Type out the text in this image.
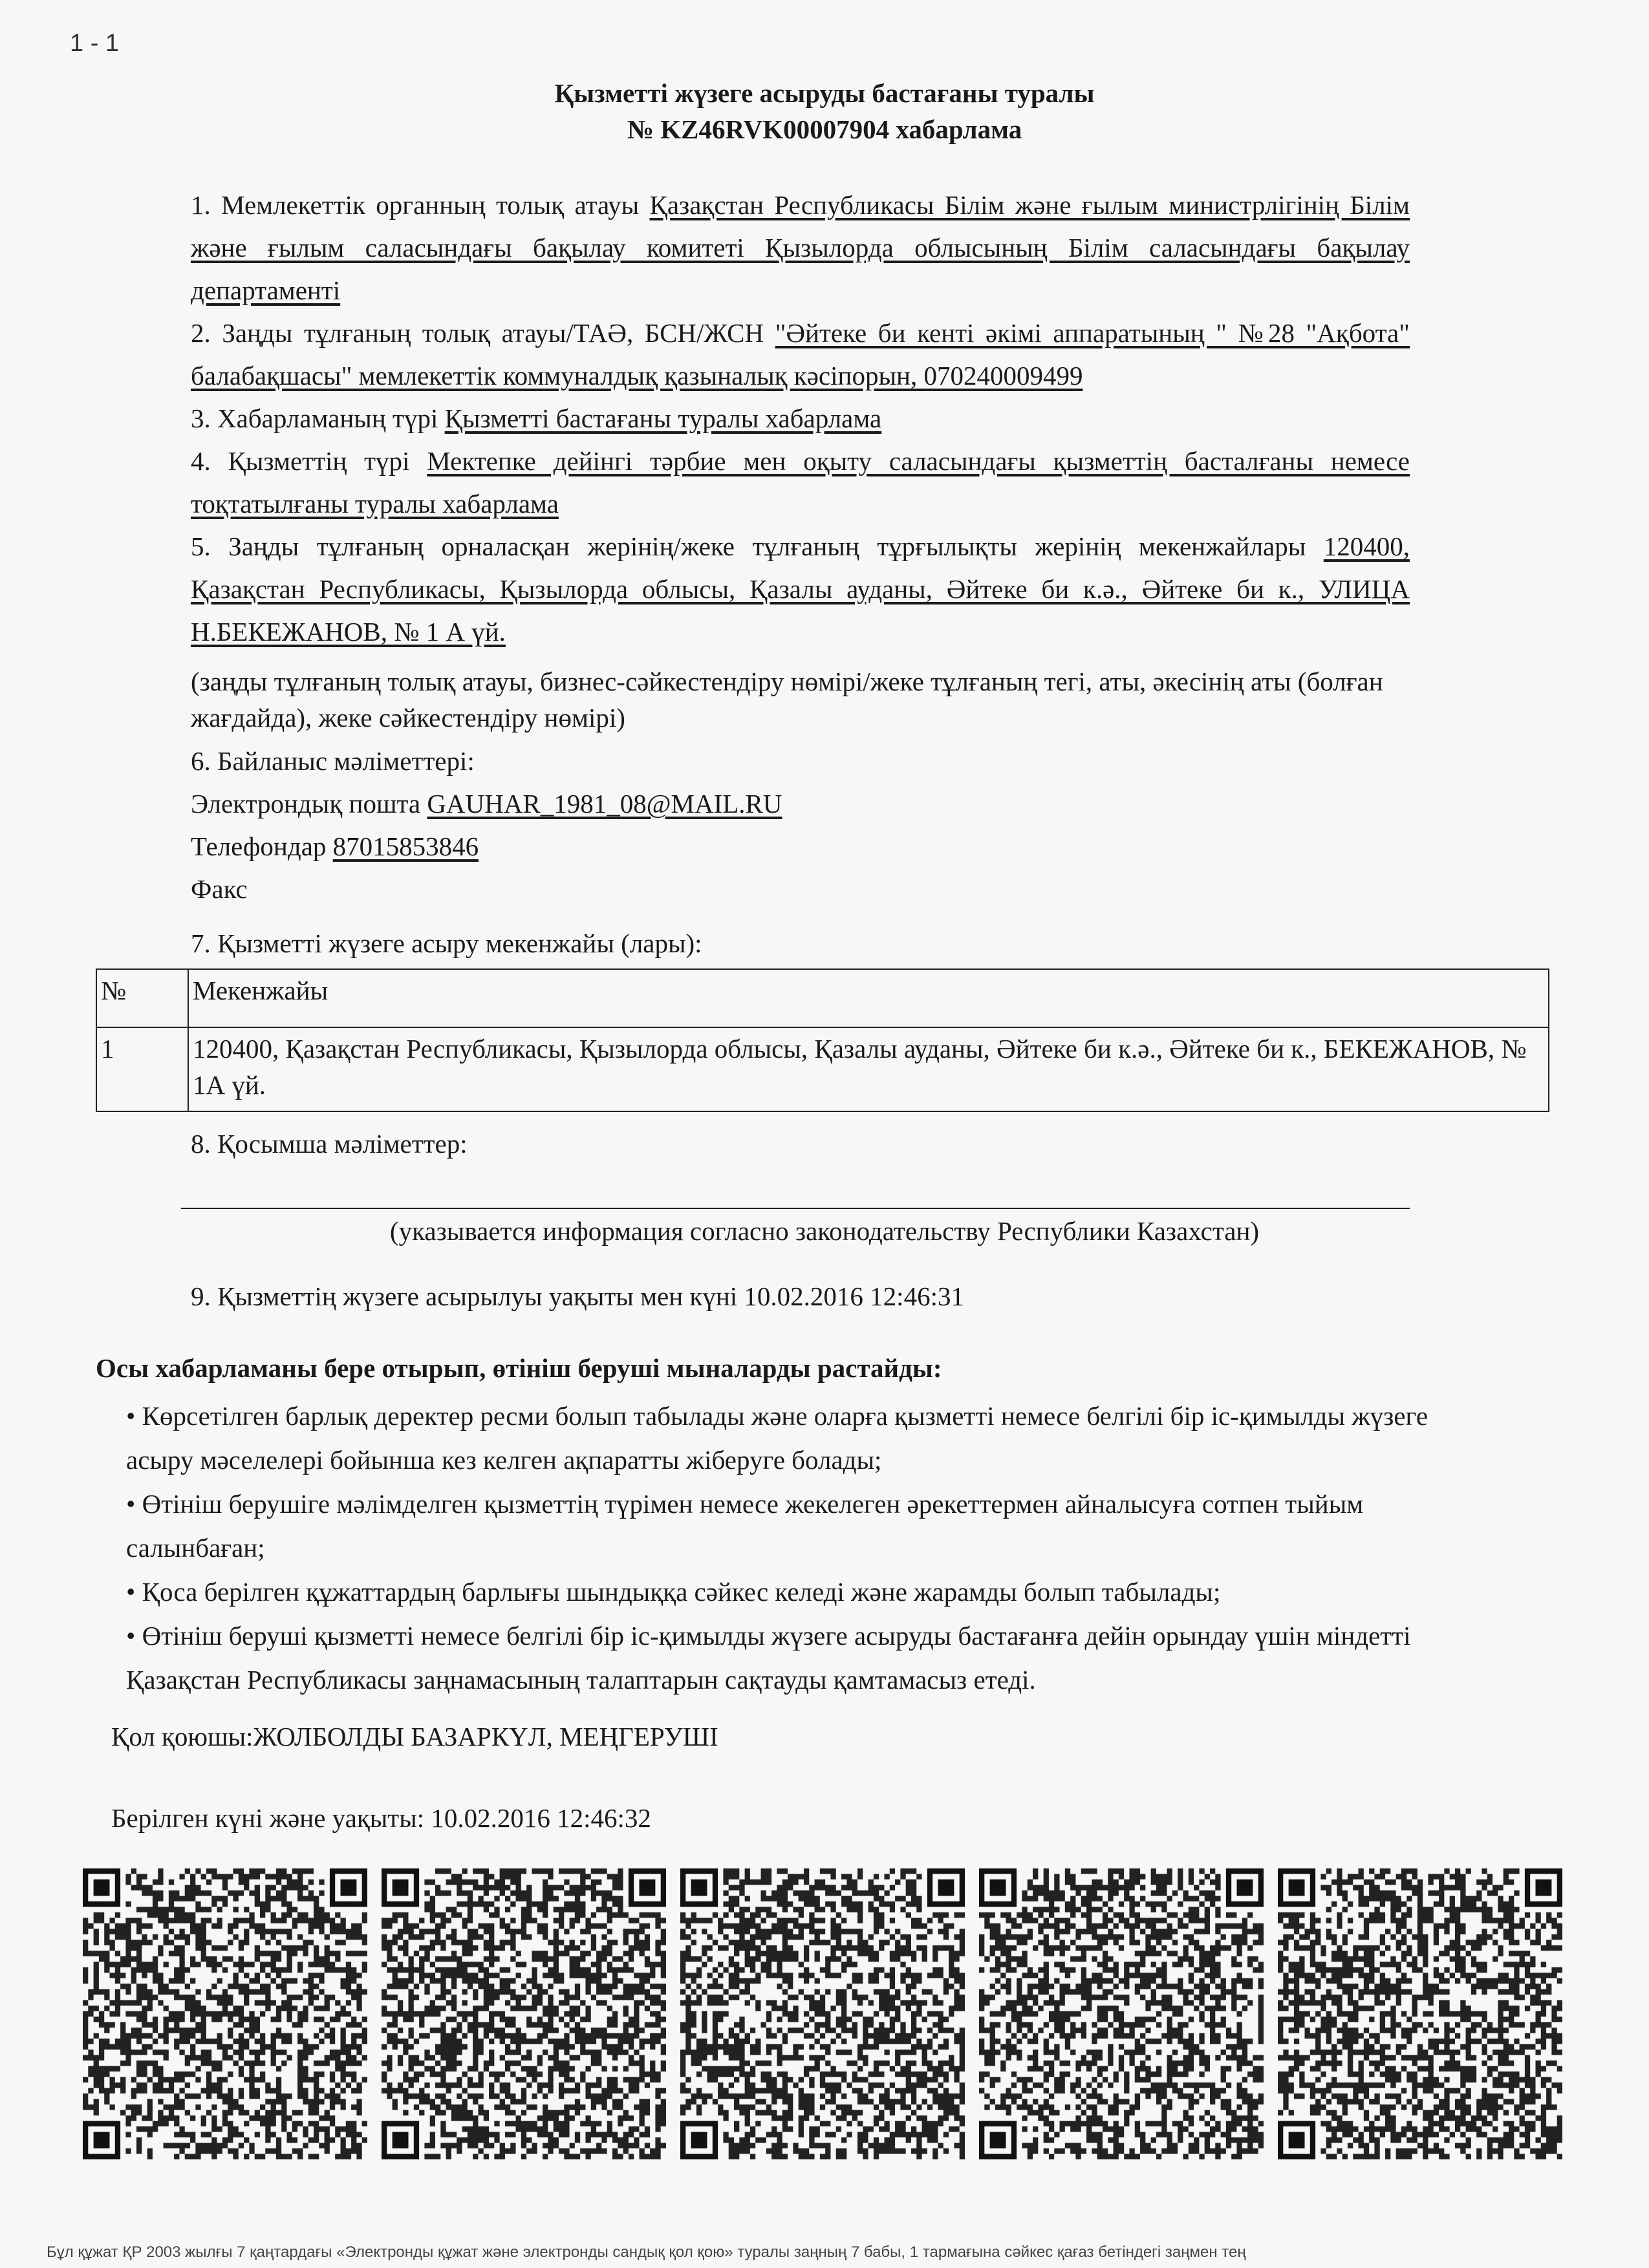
1 - 1
Қызметті жүзеге асыруды бастағаны туралы
№ KZ46RVK00007904 хабарлама
1. Мемлекеттік органның толық атауы Қазақстан Республикасы Білім және ғылым министрлігінің Білім және ғылым саласындағы бақылау комитеті Қызылорда облысының Білім саласындағы бақылау департаменті
2. Заңды тұлғаның толық атауы/ТАӘ, БСН/ЖСН "Әйтеке би кенті әкімі аппаратының " №28 "Ақбота" балабақшасы" мемлекеттік коммуналдық қазыналық кәсіпорын, 070240009499
3. Хабарламаның түрі Қызметті бастағаны туралы хабарлама
4. Қызметтің түрі Мектепке дейінгі тәрбие мен оқыту саласындағы қызметтің басталғаны немесе тоқтатылғаны туралы хабарлама
5. Заңды тұлғаның орналасқан жерінің/жеке тұлғаның тұрғылықты жерінің мекенжайлары 120400, Қазақстан Республикасы, Қызылорда облысы, Қазалы ауданы, Әйтеке би к.ә., Әйтеке би к., УЛИЦА Н.БЕКЕЖАНОВ, № 1 А үй.
(заңды тұлғаның толық атауы, бизнес-сәйкестендіру нөмірі/жеке тұлғаның тегі, аты, әкесінің аты (болған жағдайда), жеке сәйкестендіру нөмірі)
6. Байланыс мәліметтері:
Электрондық пошта GAUHAR_1981_08@MAIL.RU
Телефондар 87015853846
Факс
7. Қызметті жүзеге асыру мекенжайы (лары):
№	Мекенжайы
1	120400, Қазақстан Республикасы, Қызылорда облысы, Қазалы ауданы, Әйтеке би к.ә., Әйтеке би к., БЕКЕЖАНОВ, № 1А үй.
8. Қосымша мәліметтер:
(указывается информация согласно законодательству Республики Казахстан)
9. Қызметтің жүзеге асырылуы уақыты мен күні 10.02.2016 12:46:31
Осы хабарламаны бере отырып, өтініш беруші мыналарды растайды:
• Көрсетілген барлық деректер ресми болып табылады және оларға қызметті немесе белгілі бір іс-қимылды жүзеге асыру мәселелері бойынша кез келген ақпаратты жіберуге болады;
• Өтініш берушіге мәлімделген қызметтің түрімен немесе жекелеген әрекеттермен айналысуға сотпен тыйым салынбаған;
• Қоса берілген құжаттардың барлығы шындыққа сәйкес келеді және жарамды болып табылады;
• Өтініш беруші қызметті немесе белгілі бір іс-қимылды жүзеге асыруды бастағанға дейін орындау үшін міндетті Қазақстан Республикасы заңнамасының талаптарын сақтауды қамтамасыз етеді.
Қол қоюшы:ЖОЛБОЛДЫ БАЗАРКҮЛ, МЕҢГЕРУШІ
Берілген күні және уақыты: 10.02.2016 12:46:32
Бұл құжат ҚР 2003 жылғы 7 қаңтардағы «Электронды құжат және электронды сандық қол қою» туралы заңның 7 бабы, 1 тармағына сәйкес қағаз бетіндегі заңмен тең
